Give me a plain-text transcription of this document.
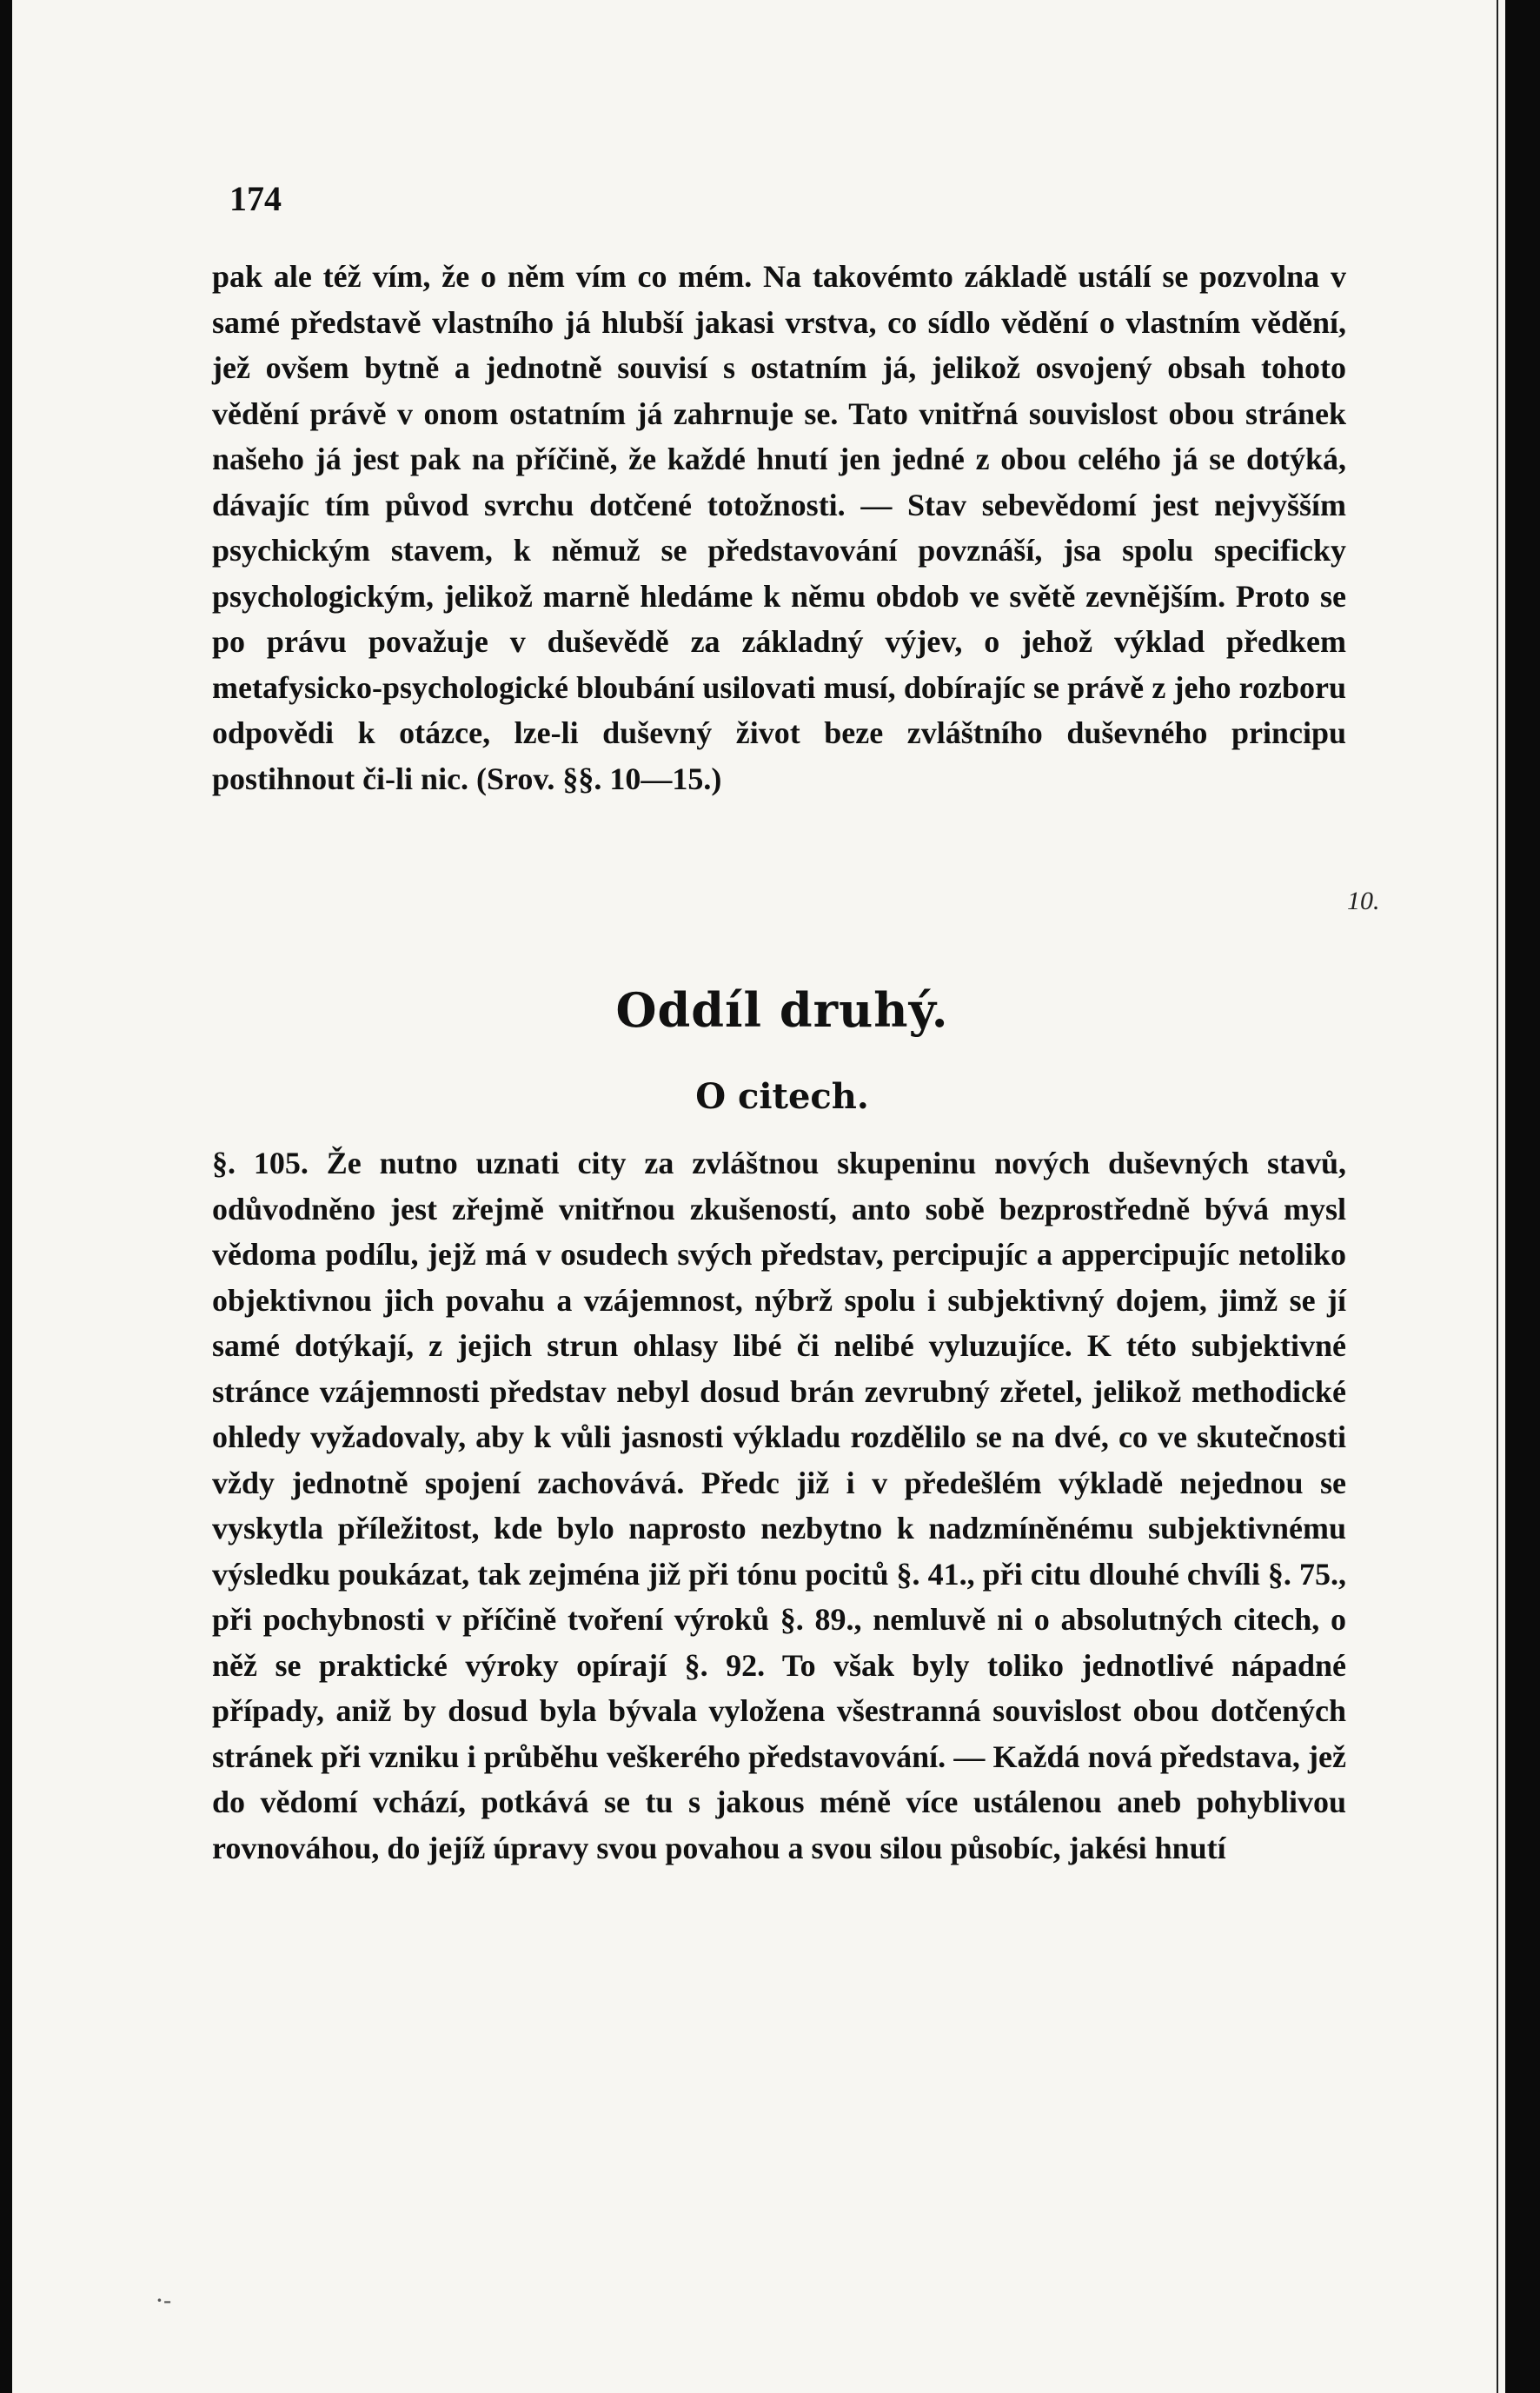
174
pak ale též vím, že o něm vím co mém. Na takovémto základě ustálí se pozvolna v samé představě vlastního já hlubší jakasi vrstva, co sídlo vědění o vlastním vědění, jež ovšem bytně a jednotně souvisí s ostatním já, jelikož osvojený obsah tohoto vědění právě v onom ostatním já zahrnuje se. Tato vnitřná souvislost obou stránek našeho já jest pak na příčině, že každé hnutí jen jedné z obou celého já se dotýká, dávajíc tím původ svrchu dotčené totožnosti. — Stav sebevědomí jest nejvyšším psychickým stavem, k němuž se představování povznáší, jsa spolu specificky psychologickým, jelikož marně hledáme k němu obdob ve světě zevnějším. Proto se po právu považuje v duševědě za základný výjev, o jehož výklad předkem metafysicko-psychologické bloubání usilovati musí, dobírajíc se právě z jeho rozboru odpovědi k otázce, lze-li duševný život beze zvláštního duševného principu postihnout či-li nic. (Srov. §§. 10—15.)
10.
Oddíl druhý.
O citech.
§. 105. Že nutno uznati city za zvláštnou skupeninu nových duševných stavů, odůvodněno jest zřejmě vnitřnou zkušeností, anto sobě bezprostředně bývá mysl vědoma podílu, jejž má v osudech svých představ, percipujíc a appercipujíc netoliko objektivnou jich povahu a vzájemnost, nýbrž spolu i subjektivný dojem, jimž se jí samé dotýkají, z jejich strun ohlasy libé či nelibé vyluzujíce. K této subjektivné stránce vzájemnosti představ nebyl dosud brán zevrubný zřetel, jelikož methodické ohledy vyžadovaly, aby k vůli jasnosti výkladu rozdělilo se na dvé, co ve skutečnosti vždy jednotně spojení zachovává. Předc již i v předešlém výkladě nejednou se vyskytla příležitost, kde bylo naprosto nezbytno k nadzmíněnému subjektivnému výsledku poukázat, tak zejména již při tónu pocitů §. 41., při citu dlouhé chvíli §. 75., při pochybnosti v příčině tvoření výroků §. 89., nemluvě ni o absolutných citech, o něž se praktické výroky opírají §. 92. To však byly toliko jednotlivé nápadné případy, aniž by dosud byla bývala vyložena všestranná souvislost obou dotčených stránek při vzniku i průběhu veškerého představování. — Každá nová představa, jež do vědomí vchází, potkává se tu s jakous méně více ustálenou aneb pohyblivou rovnováhou, do jejíž úpravy svou povahou a svou silou působíc, jakési hnutí
·-
